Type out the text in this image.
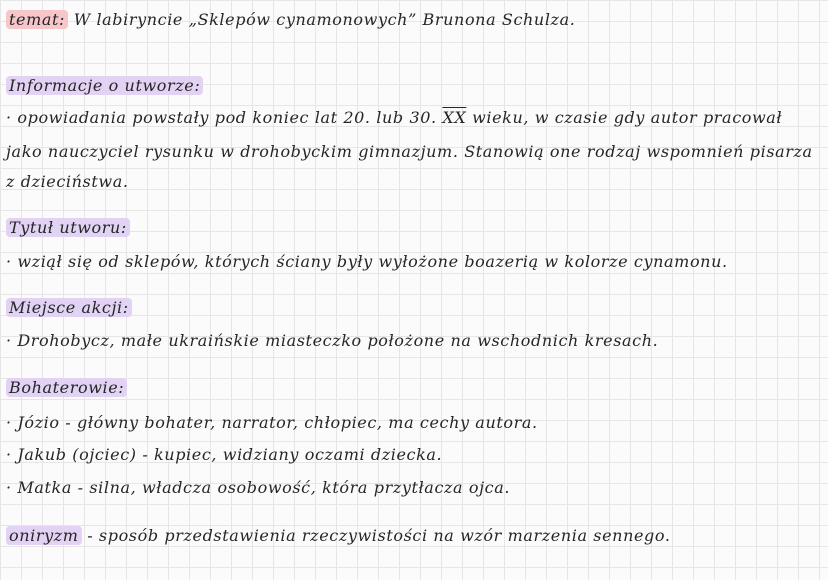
temat: W labiryncie „Sklepów cynamonowych” Brunona Schulza.
Informacje o utworze:
· opowiadania powstały pod koniec lat 20. lub 30. $\overline{XX}$ wieku, w czasie gdy autor pracował
jako nauczyciel rysunku w drohobyckim gimnazjum. Stanowią one rodzaj wspomnień pisarza
z dzieciństwa.
Tytuł utworu:
· wziął się od sklepów, których ściany były wyłożone boazerią w kolorze cynamonu.
Miejsce akcji:
· Drohobycz, małe ukraińskie miasteczko położone na wschodnich kresach.
Bohaterowie:
· Józio - główny bohater, narrator, chłopiec, ma cechy autora.
· Jakub (ojciec) - kupiec, widziany oczami dziecka.
· Matka - silna, władcza osobowość, która przytłacza ojca.
oniryzm - sposób przedstawienia rzeczywistości na wzór marzenia sennego.
